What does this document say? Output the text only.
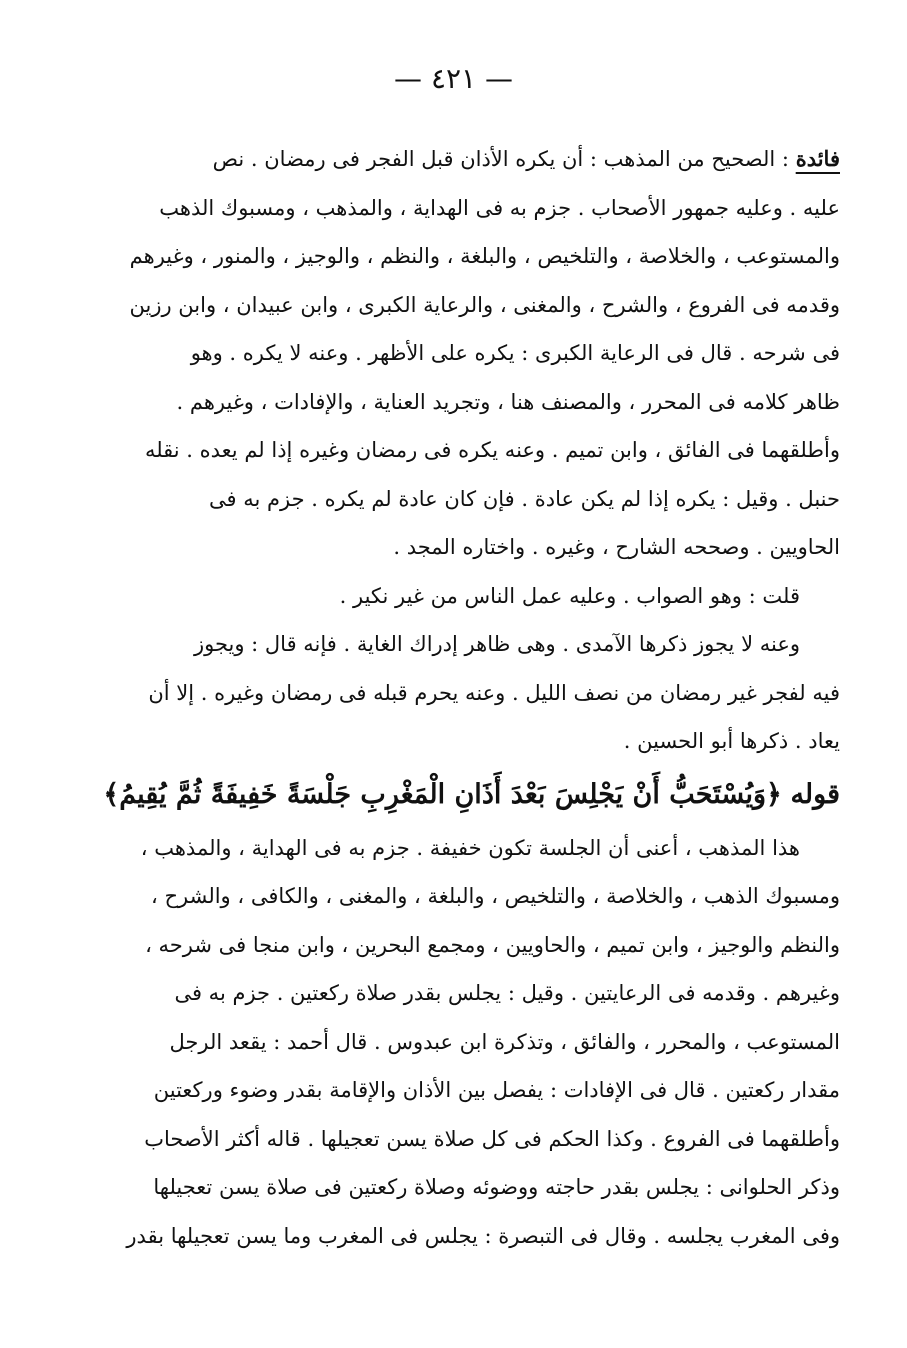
— ٤٢١ —
فائدة : الصحيح من المذهب : أن يكره الأذان قبل الفجر فى رمضان . نص
عليه . وعليه جمهور الأصحاب . جزم به فى الهداية ، والمذهب ، ومسبوك الذهب
والمستوعب ، والخلاصة ، والتلخيص ، والبلغة ، والنظم ، والوجيز ، والمنور ، وغيرهم
وقدمه فى الفروع ، والشرح ، والمغنى ، والرعاية الكبرى ، وابن عبيدان ، وابن رزين
فى شرحه . قال فى الرعاية الكبرى : يكره على الأظهر . وعنه لا يكره . وهو
ظاهر كلامه فى المحرر ، والمصنف هنا ، وتجريد العناية ، والإفادات ، وغيرهم .
وأطلقهما فى الفائق ، وابن تميم . وعنه يكره فى رمضان وغيره إذا لم يعده . نقله
حنبل . وقيل : يكره إذا لم يكن عادة . فإن كان عادة لم يكره . جزم به فى
الحاويين . وصححه الشارح ، وغيره . واختاره المجد .
قلت : وهو الصواب . وعليه عمل الناس من غير نكير .
وعنه لا يجوز ذكرها الآمدى . وهى ظاهر إدراك الغاية . فإنه قال : ويجوز
فيه لفجر غير رمضان من نصف الليل . وعنه يحرم قبله فى رمضان وغيره . إلا أن
يعاد . ذكرها أبو الحسين .
قوله ﴿وَيُسْتَحَبُّ أَنْ يَجْلِسَ بَعْدَ أَذَانِ الْمَغْرِبِ جَلْسَةً خَفِيفَةً ثُمَّ يُقِيمُ﴾
هذا المذهب ، أعنى أن الجلسة تكون خفيفة . جزم به فى الهداية ، والمذهب ،
ومسبوك الذهب ، والخلاصة ، والتلخيص ، والبلغة ، والمغنى ، والكافى ، والشرح ،
والنظم والوجيز ، وابن تميم ، والحاويين ، ومجمع البحرين ، وابن منجا فى شرحه ،
وغيرهم . وقدمه فى الرعايتين . وقيل : يجلس بقدر صلاة ركعتين . جزم به فى
المستوعب ، والمحرر ، والفائق ، وتذكرة ابن عبدوس . قال أحمد : يقعد الرجل
مقدار ركعتين . قال فى الإفادات : يفصل بين الأذان والإقامة بقدر وضوء وركعتين
وأطلقهما فى الفروع . وكذا الحكم فى كل صلاة يسن تعجيلها . قاله أكثر الأصحاب
وذكر الحلوانى : يجلس بقدر حاجته ووضوئه وصلاة ركعتين فى صلاة يسن تعجيلها
وفى المغرب يجلسه . وقال فى التبصرة : يجلس فى المغرب وما يسن تعجيلها بقدر
